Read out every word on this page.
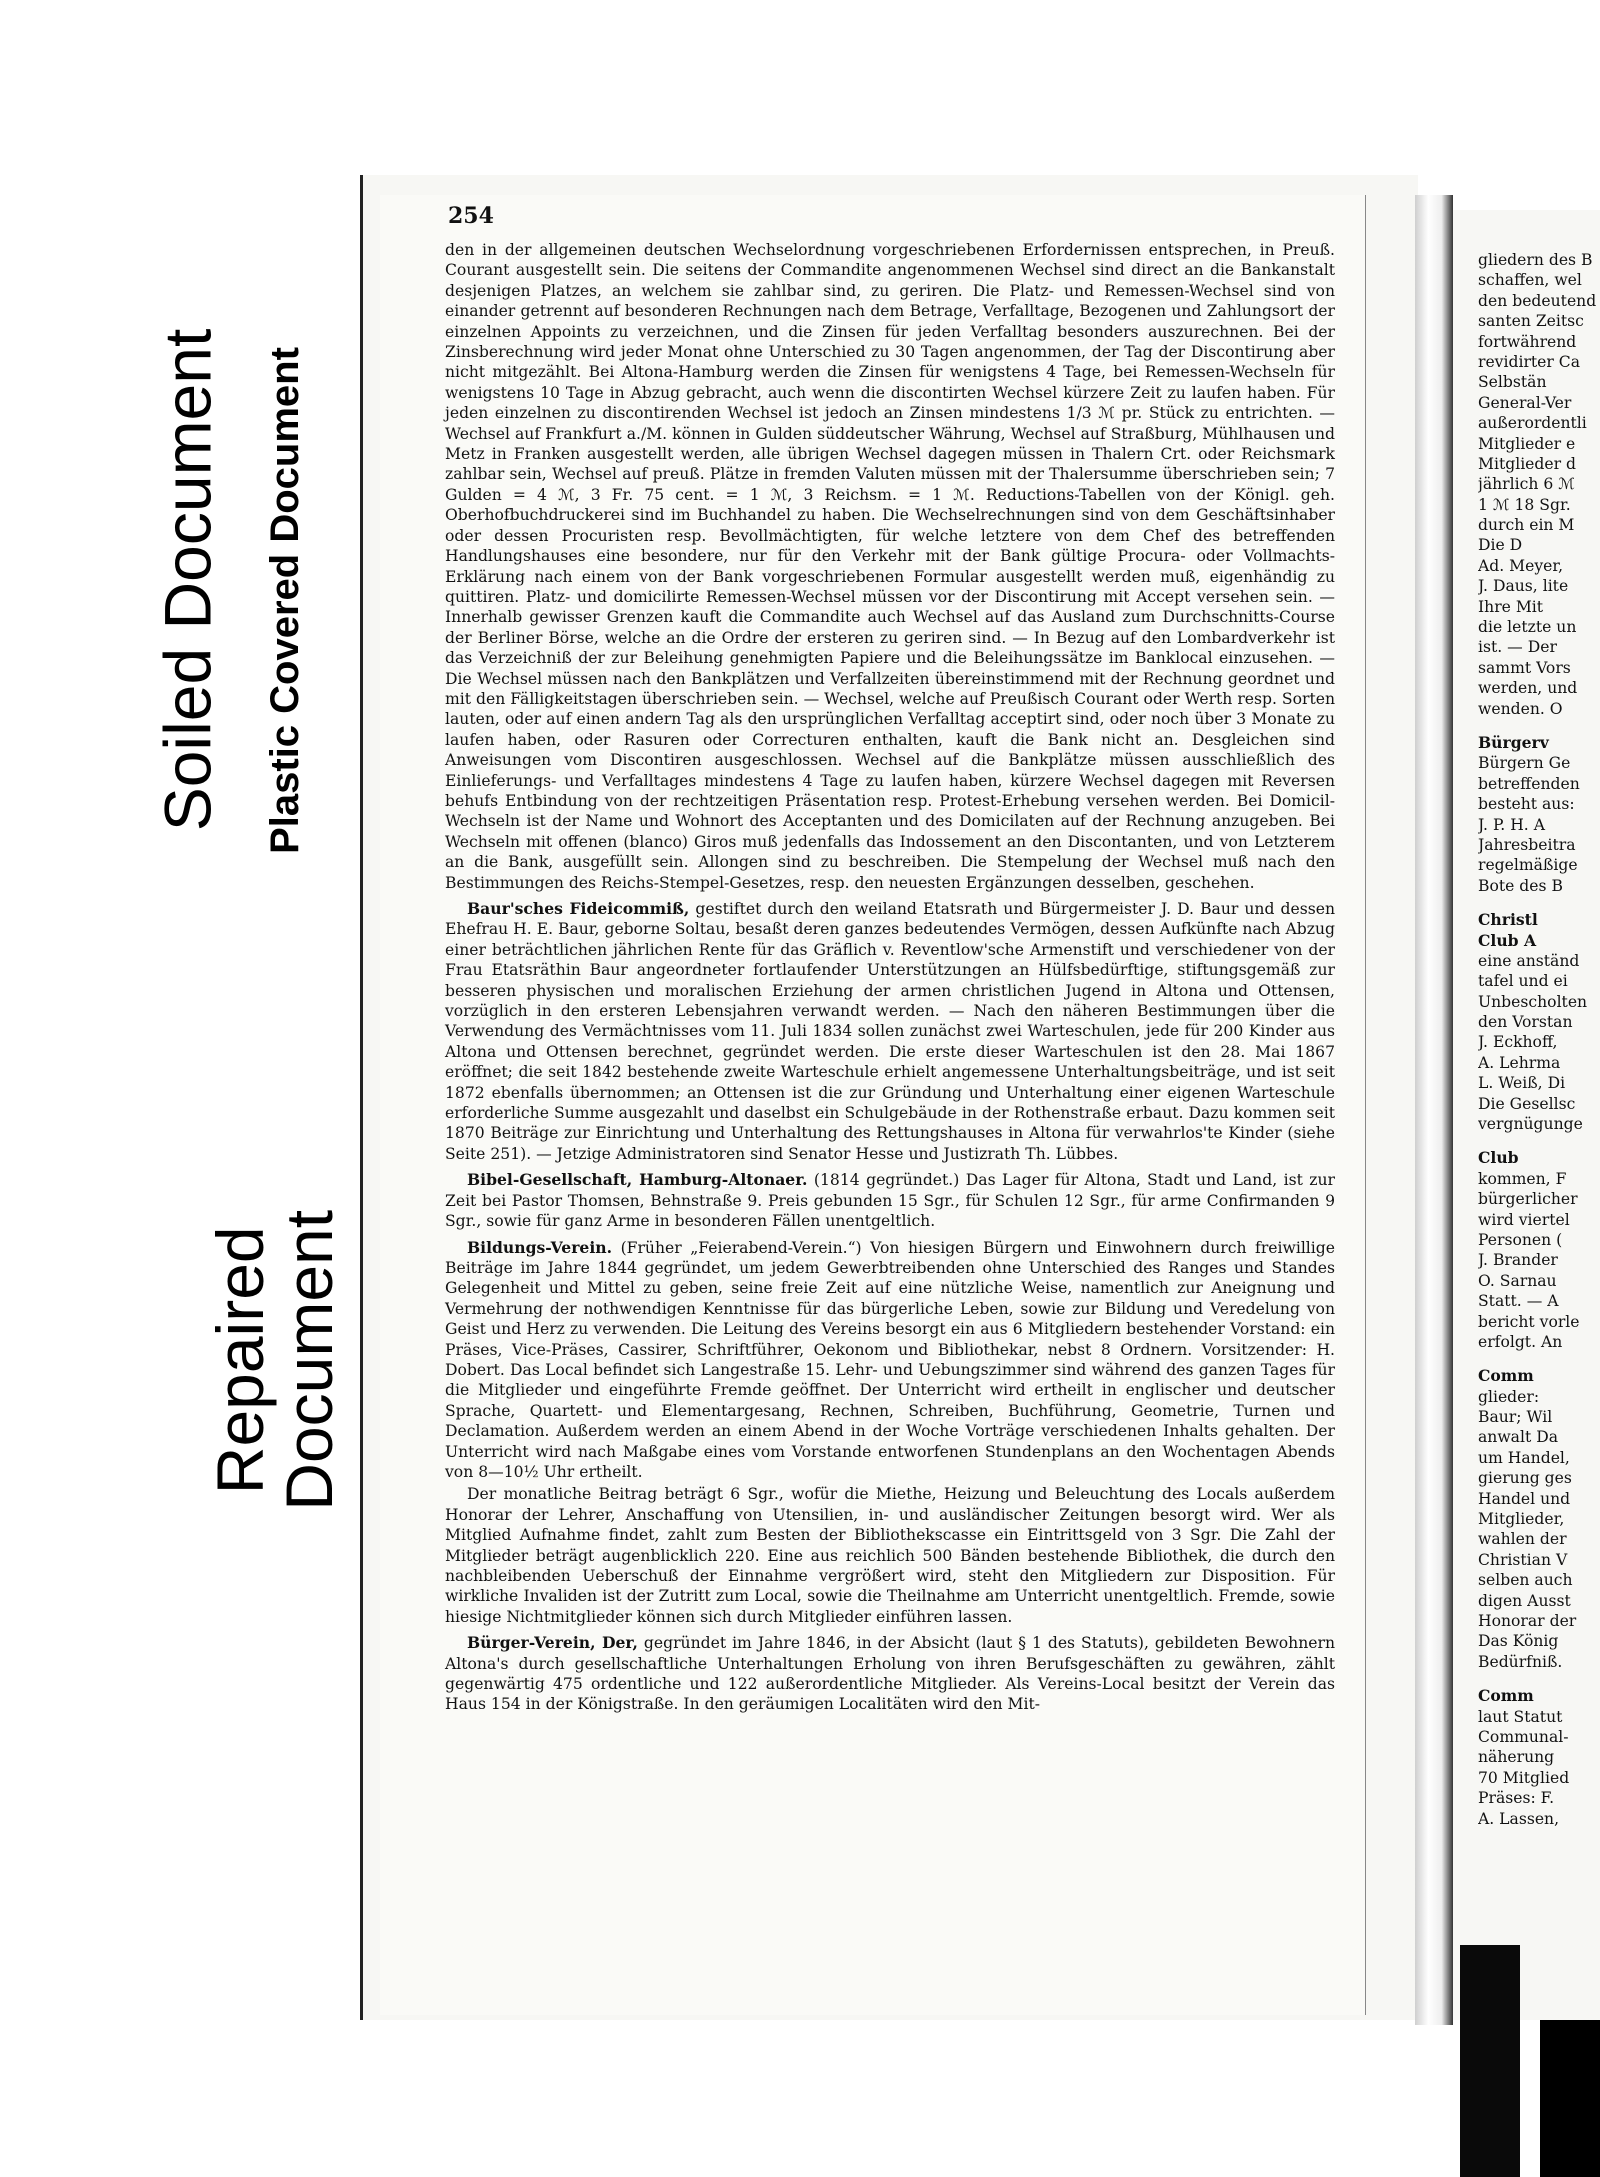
Soiled Document Plastic Covered Document
Repaired
Document
254

den in der allgemeinen deutschen Wechselordnung vorgeschriebenen Erfordernissen entsprechen, in Preuß. Courant ausgestellt sein. Die seitens der Commandite angenommenen Wechsel sind direct an die Bankanstalt desjenigen Platzes, an welchem sie zahlbar sind, zu geriren. Die Platz- und Remessen-Wechsel sind von einander getrennt auf besonderen Rechnungen nach dem Betrage, Verfalltage, Bezogenen und Zahlungsort der einzelnen Appoints zu verzeichnen, und die Zinsen für jeden Verfalltag besonders auszurechnen. Bei der Zinsberechnung wird jeder Monat ohne Unterschied zu 30 Tagen angenommen, der Tag der Discontirung aber nicht mitgezählt. Bei Altona-Hamburg werden die Zinsen für wenigstens 4 Tage, bei Remessen-Wechseln für wenigstens 10 Tage in Abzug gebracht, auch wenn die discontirten Wechsel kürzere Zeit zu laufen haben. Für jeden einzelnen zu discontirenden Wechsel ist jedoch an Zinsen mindestens 1/3 ℳ pr. Stück zu entrichten. — Wechsel auf Frankfurt a./M. können in Gulden süddeutscher Währung, Wechsel auf Straßburg, Mühlhausen und Metz in Franken ausgestellt werden, alle übrigen Wechsel dagegen müssen in Thalern Crt. oder Reichsmark zahlbar sein, Wechsel auf preuß. Plätze in fremden Valuten müssen mit der Thalersumme überschrieben sein; 7 Gulden = 4 ℳ, 3 Fr. 75 cent. = 1 ℳ, 3 Reichsm. = 1 ℳ. Reductions-Tabellen von der Königl. geh. Oberhofbuchdruckerei sind im Buchhandel zu haben. Die Wechselrechnungen sind von dem Geschäftsinhaber oder dessen Procuristen resp. Bevollmächtigten, für welche letztere von dem Chef des betreffenden Handlungshauses eine besondere, nur für den Verkehr mit der Bank gültige Procura- oder Vollmachts-Erklärung nach einem von der Bank vorgeschriebenen Formular ausgestellt werden muß, eigenhändig zu quittiren. Platz- und domicilirte Remessen-Wechsel müssen vor der Discontirung mit Accept versehen sein. — Innerhalb gewisser Grenzen kauft die Commandite auch Wechsel auf das Ausland zum Durchschnitts-Course der Berliner Börse, welche an die Ordre der ersteren zu geriren sind. — In Bezug auf den Lombardverkehr ist das Verzeichniß der zur Beleihung genehmigten Papiere und die Beleihungssätze im Banklocal einzusehen. — Die Wechsel müssen nach den Bankplätzen und Verfallzeiten übereinstimmend mit der Rechnung geordnet und mit den Fälligkeitstagen überschrieben sein. — Wechsel, welche auf Preußisch Courant oder Werth resp. Sorten lauten, oder auf einen andern Tag als den ursprünglichen Verfalltag acceptirt sind, oder noch über 3 Monate zu laufen haben, oder Rasuren oder Correcturen enthalten, kauft die Bank nicht an. Desgleichen sind Anweisungen vom Discontiren ausgeschlossen. Wechsel auf die Bankplätze müssen ausschließlich des Einlieferungs- und Verfalltages mindestens 4 Tage zu laufen haben, kürzere Wechsel dagegen mit Reversen behufs Entbindung von der rechtzeitigen Präsentation resp. Protest-Erhebung versehen werden. Bei Domicil-Wechseln ist der Name und Wohnort des Acceptanten und des Domicilaten auf der Rechnung anzugeben. Bei Wechseln mit offenen (blanco) Giros muß jedenfalls das Indossement an den Discontanten, und von Letzterem an die Bank, ausgefüllt sein. Allongen sind zu beschreiben. Die Stempelung der Wechsel muß nach den Bestimmungen des Reichs-Stempel-Gesetzes, resp. den neuesten Ergänzungen desselben, geschehen.

Baur'sches Fideicommiß, gestiftet durch den weiland Etatsrath und Bürgermeister J. D. Baur und dessen Ehefrau H. E. Baur, geborne Soltau, besaßt deren ganzes bedeutendes Vermögen, dessen Aufkünfte nach Abzug einer beträchtlichen jährlichen Rente für das Gräflich v. Reventlow'sche Armenstift und verschiedener von der Frau Etatsräthin Baur angeordneter fortlaufender Unterstützungen an Hülfsbedürftige, stiftungsgemäß zur besseren physischen und moralischen Erziehung der armen christlichen Jugend in Altona und Ottensen, vorzüglich in den ersteren Lebensjahren verwandt werden. — Nach den näheren Bestimmungen über die Verwendung des Vermächtnisses vom 11. Juli 1834 sollen zunächst zwei Warteschulen, jede für 200 Kinder aus Altona und Ottensen berechnet, gegründet werden. Die erste dieser Warteschulen ist den 28. Mai 1867 eröffnet; die seit 1842 bestehende zweite Warteschule erhielt angemessene Unterhaltungsbeiträge, und ist seit 1872 ebenfalls übernommen; an Ottensen ist die zur Gründung und Unterhaltung einer eigenen Warteschule erforderliche Summe ausgezahlt und daselbst ein Schulgebäude in der Rothenstraße erbaut. Dazu kommen seit 1870 Beiträge zur Einrichtung und Unterhaltung des Rettungshauses in Altona für verwahrlos'te Kinder (siehe Seite 251). — Jetzige Administratoren sind Senator Hesse und Justizrath Th. Lübbes.

Bibel-Gesellschaft, Hamburg-Altonaer. (1814 gegründet.) Das Lager für Altona, Stadt und Land, ist zur Zeit bei Pastor Thomsen, Behnstraße 9. Preis gebunden 15 Sgr., für Schulen 12 Sgr., für arme Confirmanden 9 Sgr., sowie für ganz Arme in besonderen Fällen unentgeltlich.

Bildungs-Verein. (Früher „Feierabend-Verein.“) Von hiesigen Bürgern und Einwohnern durch freiwillige Beiträge im Jahre 1844 gegründet, um jedem Gewerbtreibenden ohne Unterschied des Ranges und Standes Gelegenheit und Mittel zu geben, seine freie Zeit auf eine nützliche Weise, namentlich zur Aneignung und Vermehrung der nothwendigen Kenntnisse für das bürgerliche Leben, sowie zur Bildung und Veredelung von Geist und Herz zu verwenden. Die Leitung des Vereins besorgt ein aus 6 Mitgliedern bestehender Vorstand: ein Präses, Vice-Präses, Cassirer, Schriftführer, Oekonom und Bibliothekar, nebst 8 Ordnern. Vorsitzender: H. Dobert. Das Local befindet sich Langestraße 15. Lehr- und Uebungszimmer sind während des ganzen Tages für die Mitglieder und eingeführte Fremde geöffnet. Der Unterricht wird ertheilt in englischer und deutscher Sprache, Quartett- und Elementargesang, Rechnen, Schreiben, Buchführung, Geometrie, Turnen und Declamation. Außerdem werden an einem Abend in der Woche Vorträge verschiedenen Inhalts gehalten. Der Unterricht wird nach Maßgabe eines vom Vorstande entworfenen Stundenplans an den Wochentagen Abends von 8—10½ Uhr ertheilt.

Der monatliche Beitrag beträgt 6 Sgr., wofür die Miethe, Heizung und Beleuchtung des Locals außerdem Honorar der Lehrer, Anschaffung von Utensilien, in- und ausländischer Zeitungen besorgt wird. Wer als Mitglied Aufnahme findet, zahlt zum Besten der Bibliothekscasse ein Eintrittsgeld von 3 Sgr. Die Zahl der Mitglieder beträgt augenblicklich 220. Eine aus reichlich 500 Bänden bestehende Bibliothek, die durch den nachbleibenden Ueberschuß der Einnahme vergrößert wird, steht den Mitgliedern zur Disposition. Für wirkliche Invaliden ist der Zutritt zum Local, sowie die Theilnahme am Unterricht unentgeltlich. Fremde, sowie hiesige Nichtmitglieder können sich durch Mitglieder einführen lassen.

Bürger-Verein, Der, gegründet im Jahre 1846, in der Absicht (laut § 1 des Statuts), gebildeten Bewohnern Altona's durch gesellschaftliche Unterhaltungen Erholung von ihren Berufsgeschäften zu gewähren, zählt gegenwärtig 475 ordentliche und 122 außerordentliche Mitglieder. Als Vereins-Local besitzt der Verein das Haus 154 in der Königstraße. In den geräumigen Localitäten wird den Mit-

gliedern des B
schaffen, wel
den bedeutend
santen Zeitsc
fortwährend
revidirter Ca
Selbstän
General-Ver
außerordentli
Mitglieder e
Mitglieder d
jährlich 6 ℳ
1 ℳ 18 Sgr.
durch ein M
Die D
Ad. Meyer,
J. Daus, lite
Ihre Mit
die letzte un
ist. — Der
sammt Vors
werden, und
wenden. O
Bürgerv
Bürgern Ge
betreffenden
besteht aus:
J. P. H. A
Jahresbeitra
regelmäßige
Bote des B
Christl
Club A
eine anständ
tafel und ei
Unbescholten
den Vorstan
J. Eckhoff,
A. Lehrma
L. Weiß, Di
Die Gesellsc
vergnügunge
Club
kommen, F
bürgerlicher
wird viertel
Personen (
J. Brander
O. Sarnau
Statt. — A
bericht vorle
erfolgt. An
Comm
glieder:
Baur; Wil
anwalt Da
um Handel,
gierung ges
Handel und
Mitglieder,
wahlen der
Christian V
selben auch
digen Ausst
Honorar der
Das König
Bedürfniß.
Comm
laut Statut
Communal-
näherung
70 Mitglied
Präses: F.
A. Lassen,
